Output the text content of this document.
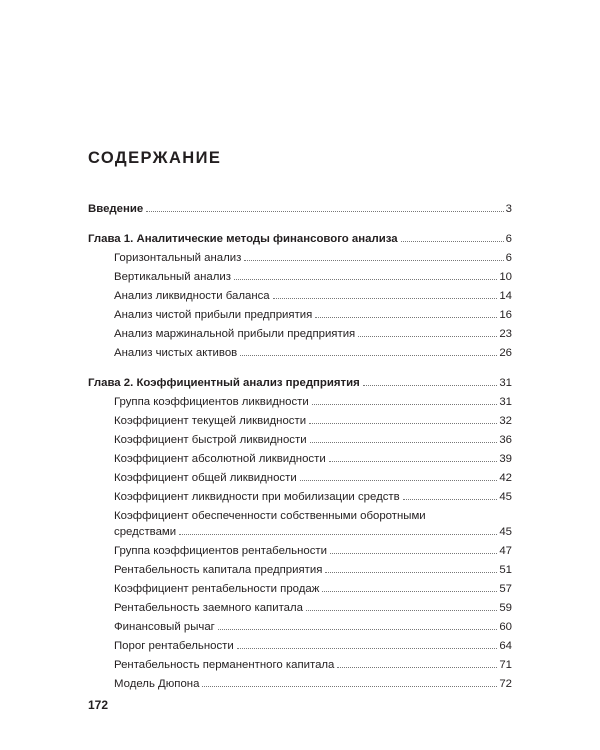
СОДЕРЖАНИЕ
Введение	3
Глава 1. Аналитические методы финансового анализа	6
Горизонтальный анализ	6
Вертикальный анализ	10
Анализ ликвидности баланса	14
Анализ чистой прибыли предприятия	16
Анализ маржинальной прибыли предприятия	23
Анализ чистых активов	26
Глава 2. Коэффициентный анализ предприятия	31
Группа коэффициентов ликвидности	31
Коэффициент текущей ликвидности	32
Коэффициент быстрой ликвидности	36
Коэффициент абсолютной ликвидности	39
Коэффициент общей ликвидности	42
Коэффициент ликвидности при мобилизации средств	45
Коэффициент обеспеченности собственными оборотными
средствами	45
Группа коэффициентов рентабельности	47
Рентабельность капитала предприятия	51
Коэффициент рентабельности продаж	57
Рентабельность заемного капитала	59
Финансовый рычаг	60
Порог рентабельности	64
Рентабельность перманентного капитала	71
Модель Дюпона	72
172
